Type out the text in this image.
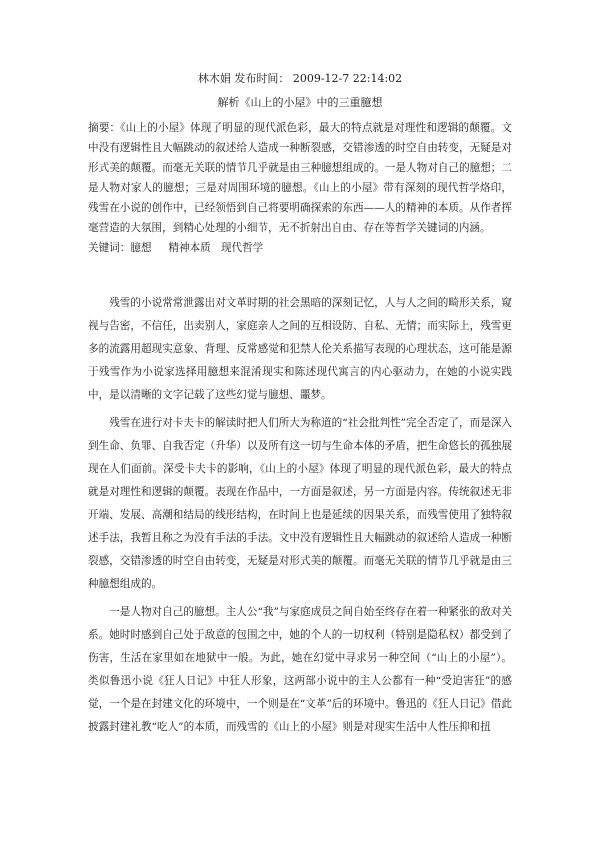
林木娟 发布时间： 2009-12-7 22:14:02

解析《山上的小屋》中的三重臆想

摘要：《山上的小屋》体现了明显的现代派色彩，最大的特点就是对理性和逻辑的颠覆。文中没有逻辑性且大幅跳动的叙述给人造成一种断裂感，交错渗透的时空自由转变，无疑是对形式美的颠覆。而毫无关联的情节几乎就是由三种臆想组成的。一是人物对自己的臆想；二是人物对家人的臆想；三是对周围环境的臆想。《山上的小屋》带有深刻的现代哲学烙印，残雪在小说的创作中，已经领悟到自己将要明确探索的东西——人的精神的本质。从作者挥毫营造的大氛围，到精心处理的小细节，无不折射出自由、存在等哲学关键词的内涵。

关键词：臆想     精神本质   现代哲学

残雪的小说常常泄露出对文革时期的社会黑暗的深刻记忆，人与人之间的畸形关系，窥视与告密，不信任，出卖别人，家庭亲人之间的互相设防、自私、无情；而实际上，残雪更多的流露用超现实意象、背理、反常感觉和犯禁人伦关系描写表现的心理状态，这可能是源于残雪作为小说家选择用臆想来混淆现实和陈述现代寓言的内心驱动力，在她的小说实践中，是以清晰的文字记载了这些幻觉与臆想、噩梦。

残雪在进行对卡夫卡的解读时把人们所大为称道的“社会批判性”完全否定了，而是深入到生命、负罪、自我否定（升华）以及所有这一切与生命本体的矛盾，把生命悠长的孤独展现在人们面前。深受卡夫卡的影响，《山上的小屋》体现了明显的现代派色彩，最大的特点就是对理性和逻辑的颠覆。表现在作品中，一方面是叙述，另一方面是内容。传统叙述无非开端、发展、高潮和结局的线形结构，在时间上也是延续的因果关系，而残雪使用了独特叙述手法，我暂且称之为没有手法的手法。文中没有逻辑性且大幅跳动的叙述给人造成一种断裂感，交错渗透的时空自由转变，无疑是对形式美的颠覆。而毫无关联的情节几乎就是由三种臆想组成的。

一是人物对自己的臆想。主人公“我”与家庭成员之间自始至终存在着一种紧张的敌对关系。她时时感到自己处于敌意的包围之中，她的个人的一切权利（特别是隐私权）都受到了伤害，生活在家里如在地狱中一般。为此，她在幻觉中寻求另一种空间（“山上的小屋”）。类似鲁迅小说《狂人日记》中狂人形象，这两部小说中的主人公都有一种“受迫害狂”的感觉，一个是在封建文化的环境中，一个则是在“文革”后的环境中。鲁迅的《狂人日记》借此披露封建礼教“吃人”的本质，而残雪的《山上的小屋》则是对现实生活中人性压抑和扭
